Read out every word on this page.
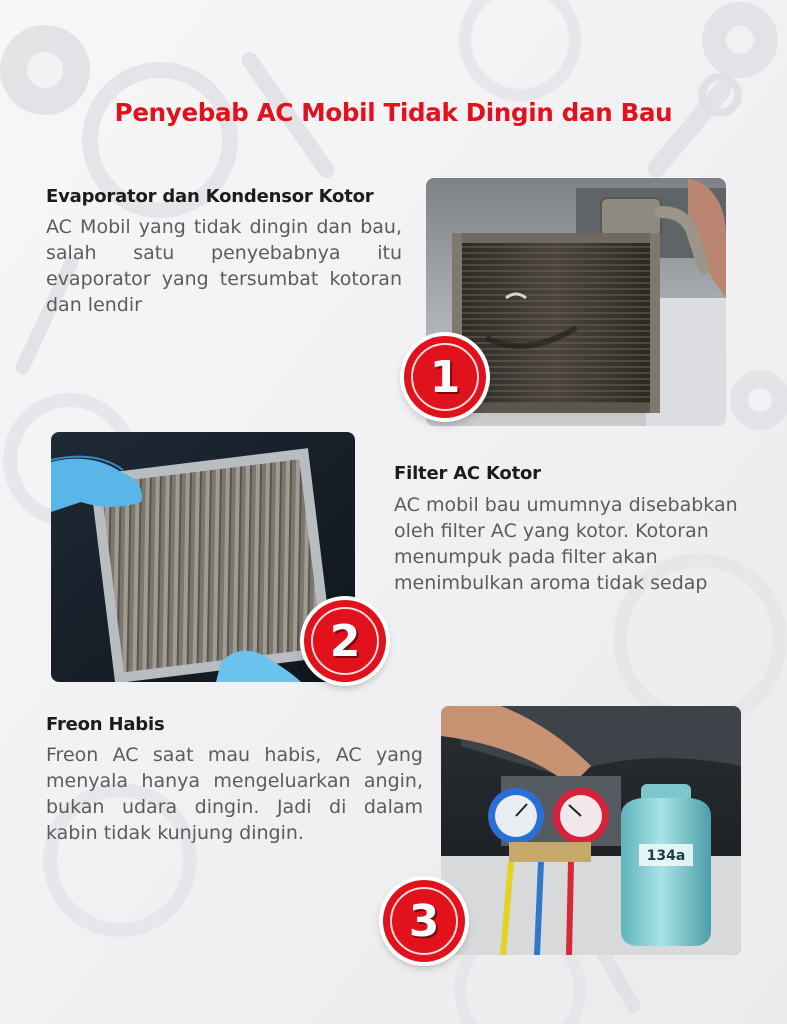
Penyebab AC Mobil Tidak Dingin dan Bau
Evaporator dan Kondensor Kotor
AC Mobil yang tidak dingin dan bau, salah satu penyebabnya itu evaporator yang tersumbat kotoran dan lendir
1
2
Filter AC Kotor
AC mobil bau umumnya disebabkan oleh filter AC yang kotor. Kotoran menumpuk pada filter akan menimbulkan aroma tidak sedap
Freon Habis
Freon AC saat mau habis, AC yang menyala hanya mengeluarkan angin, bukan udara dingin. Jadi di dalam kabin tidak kunjung dingin.
134a
3
